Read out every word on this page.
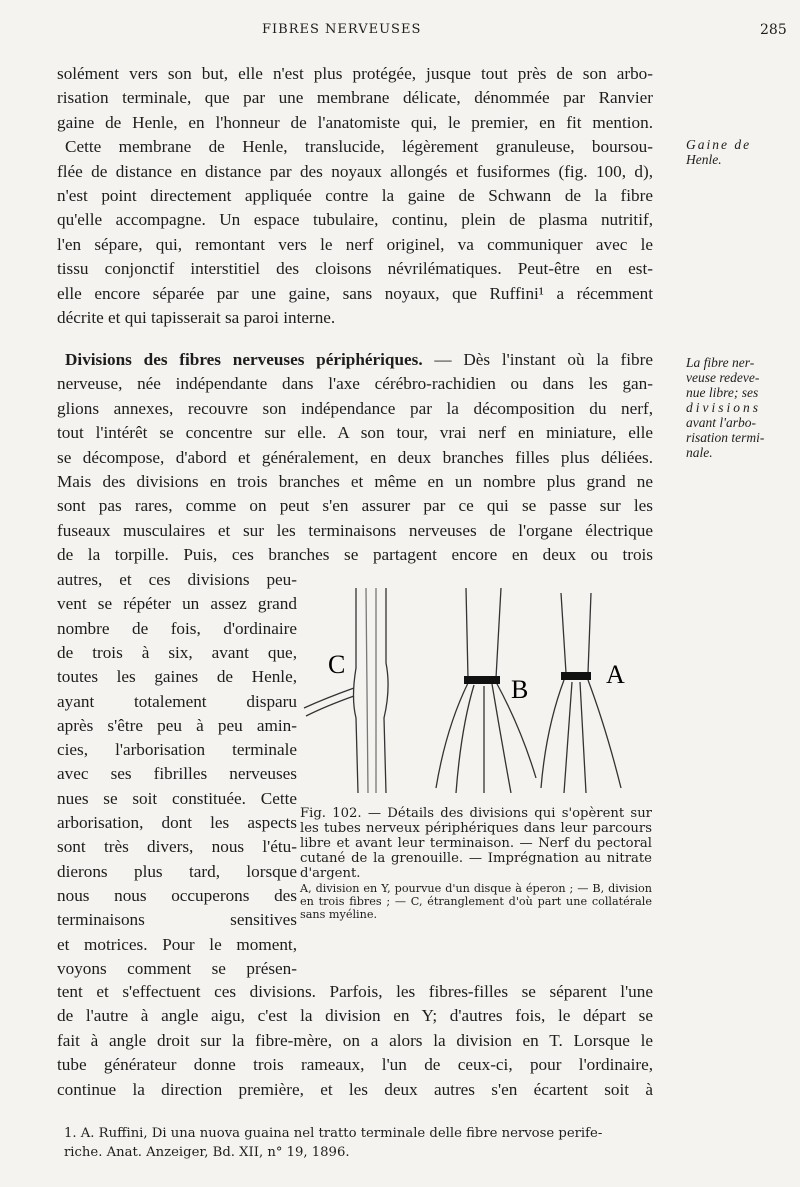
FIBRES NERVEUSES	285
solément vers son but, elle n'est plus protégée, jusque tout près de son arbo-
risation terminale, que par une membrane délicate, dénommée par Ranvier
gaine de Henle, en l'honneur de l'anatomiste qui, le premier, en fit mention.
Cette membrane de Henle, translucide, légèrement granuleuse, boursou-
flée de distance en distance par des noyaux allongés et fusiformes (fig. 100, d),
n'est point directement appliquée contre la gaine de Schwann de la fibre
qu'elle accompagne. Un espace tubulaire, continu, plein de plasma nutritif,
l'en sépare, qui, remontant vers le nerf originel, va communiquer avec le
tissu conjonctif interstitiel des cloisons névrilématiques. Peut-être en est-
elle encore séparée par une gaine, sans noyaux, que Ruffini¹ a récemment
décrite et qui tapisserait sa paroi interne.
Divisions des fibres nerveuses périphériques. — Dès l'instant où la fibre
nerveuse, née indépendante dans l'axe cérébro-rachidien ou dans les gan-
glions annexes, recouvre son indépendance par la décomposition du nerf,
tout l'intérêt se concentre sur elle. A son tour, vrai nerf en miniature, elle
se décompose, d'abord et généralement, en deux branches filles plus déliées.
Mais des divisions en trois branches et même en un nombre plus grand ne
sont pas rares, comme on peut s'en assurer par ce qui se passe sur les
fuseaux musculaires et sur les terminaisons nerveuses de l'organe électrique
de la torpille. Puis, ces branches se partagent encore en deux ou trois
autres, et ces divisions peu-
vent se répéter un assez grand
nombre de fois, d'ordinaire
de trois à six, avant que,
toutes les gaines de Henle,
ayant totalement disparu
après s'être peu à peu amin-
cies, l'arborisation terminale
avec ses fibrilles nerveuses
nues se soit constituée. Cette
arborisation, dont les aspects
sont très divers, nous l'étu-
dierons plus tard, lorsque
nous nous occuperons des
terminaisons sensitives
et motrices. Pour le moment,
voyons comment se présen-
tent et s'effectuent ces divisions. Parfois, les fibres-filles se séparent l'une
de l'autre à angle aigu, c'est la division en Y; d'autres fois, le départ se
fait à angle droit sur la fibre-mère, on a alors la division en T. Lorsque le
tube générateur donne trois rameaux, l'un de ceux-ci, pour l'ordinaire,
continue la direction première, et les deux autres s'en écartent soit à
Gaine de
Henle.
La fibre ner-
veuse redeve-
nue libre; ses
divisions
avant l'arbo-
risation termi-
nale.
C
B
A
Fig. 102. — Détails des divisions qui s'opèrent sur les tubes nerveux périphériques dans leur parcours libre et avant leur terminaison. — Nerf du pectoral cutané de la grenouille. — Imprégnation au nitrate d'argent.
A, division en Y, pourvue d'un disque à éperon ; — B, division en trois fibres ; — C, étranglement d'où part une collatérale sans myéline.
1. A. Ruffini, Di una nuova guaina nel tratto terminale delle fibre nervose perife-
riche. Anat. Anzeiger, Bd. XII, n° 19, 1896.
